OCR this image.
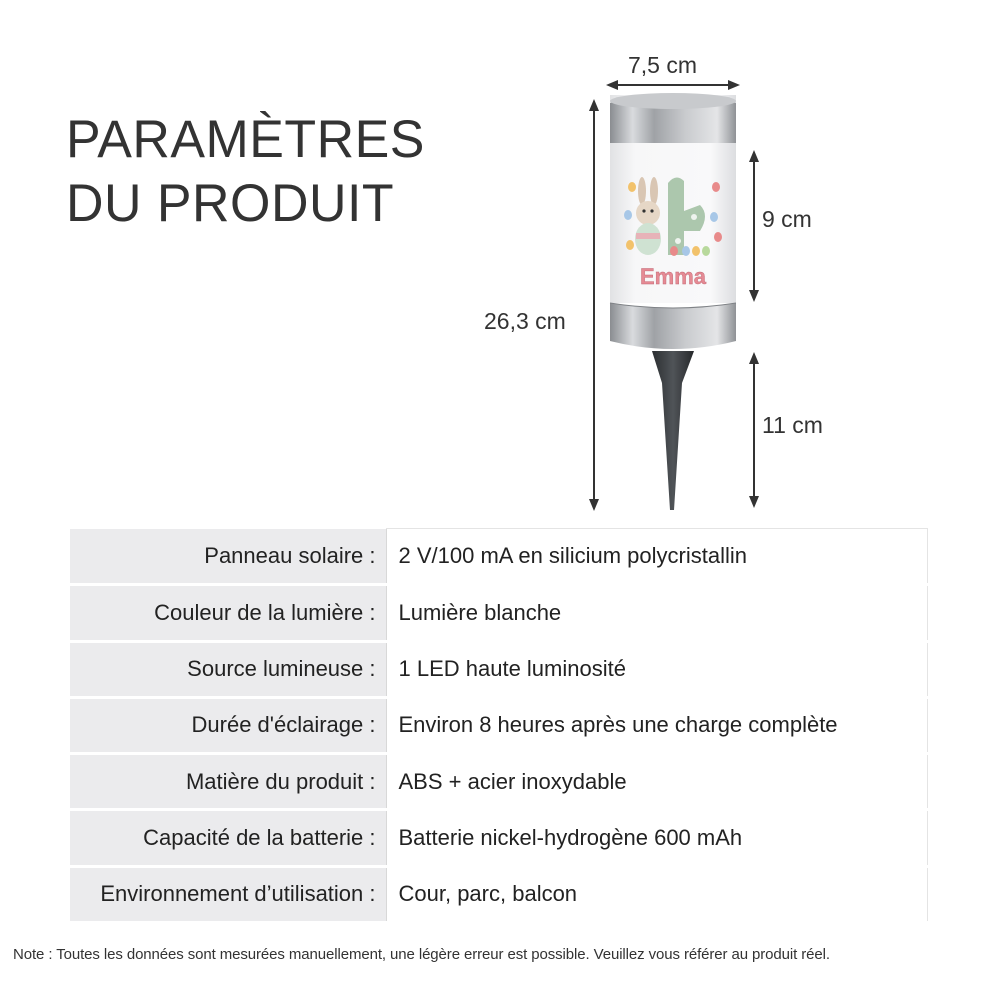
PARAMÈTRES
DU PRODUIT
7,5 cm
26,3 cm
9 cm
11 cm
Emma
Panneau solaire :	2 V/100 mA en silicium polycristallin
Couleur de la lumière :	Lumière blanche
Source lumineuse :	1 LED haute luminosité
Durée d'éclairage :	Environ 8 heures après une charge complète
Matière du produit :	ABS + acier inoxydable
Capacité de la batterie :	Batterie nickel-hydrogène 600 mAh
Environnement d’utilisation :	Cour, parc, balcon
Note : Toutes les données sont mesurées manuellement, une légère erreur est possible. Veuillez vous référer au produit réel.
